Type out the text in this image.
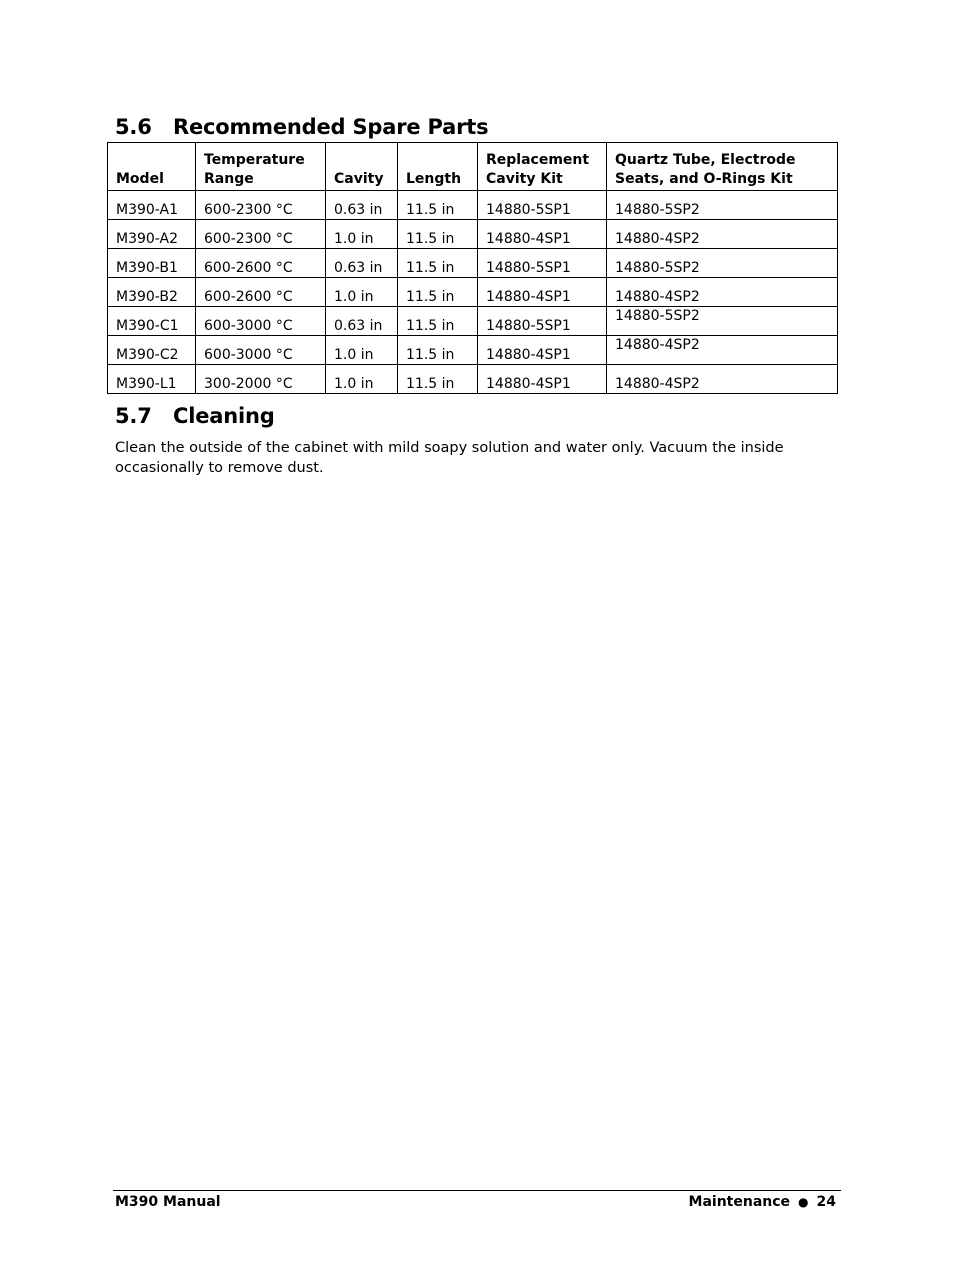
5.6 Recommended Spare Parts
Model	Temperature Range	Cavity	Length	Replacement Cavity Kit	Quartz Tube, Electrode Seats, and O-Rings Kit
M390-A1	600-2300 °C	0.63 in	11.5 in	14880-5SP1	14880-5SP2
M390-A2	600-2300 °C	1.0 in	11.5 in	14880-4SP1	14880-4SP2
M390-B1	600-2600 °C	0.63 in	11.5 in	14880-5SP1	14880-5SP2
M390-B2	600-2600 °C	1.0 in	11.5 in	14880-4SP1	14880-4SP2
M390-C1	600-3000 °C	0.63 in	11.5 in	14880-5SP1	14880-5SP2
M390-C2	600-3000 °C	1.0 in	11.5 in	14880-4SP1	14880-4SP2
M390-L1	300-2000 °C	1.0 in	11.5 in	14880-4SP1	14880-4SP2
5.7 Cleaning

Clean the outside of the cabinet with mild soapy solution and water only. Vacuum the inside occasionally to remove dust.

M390 Manual	Maintenance ● 24
